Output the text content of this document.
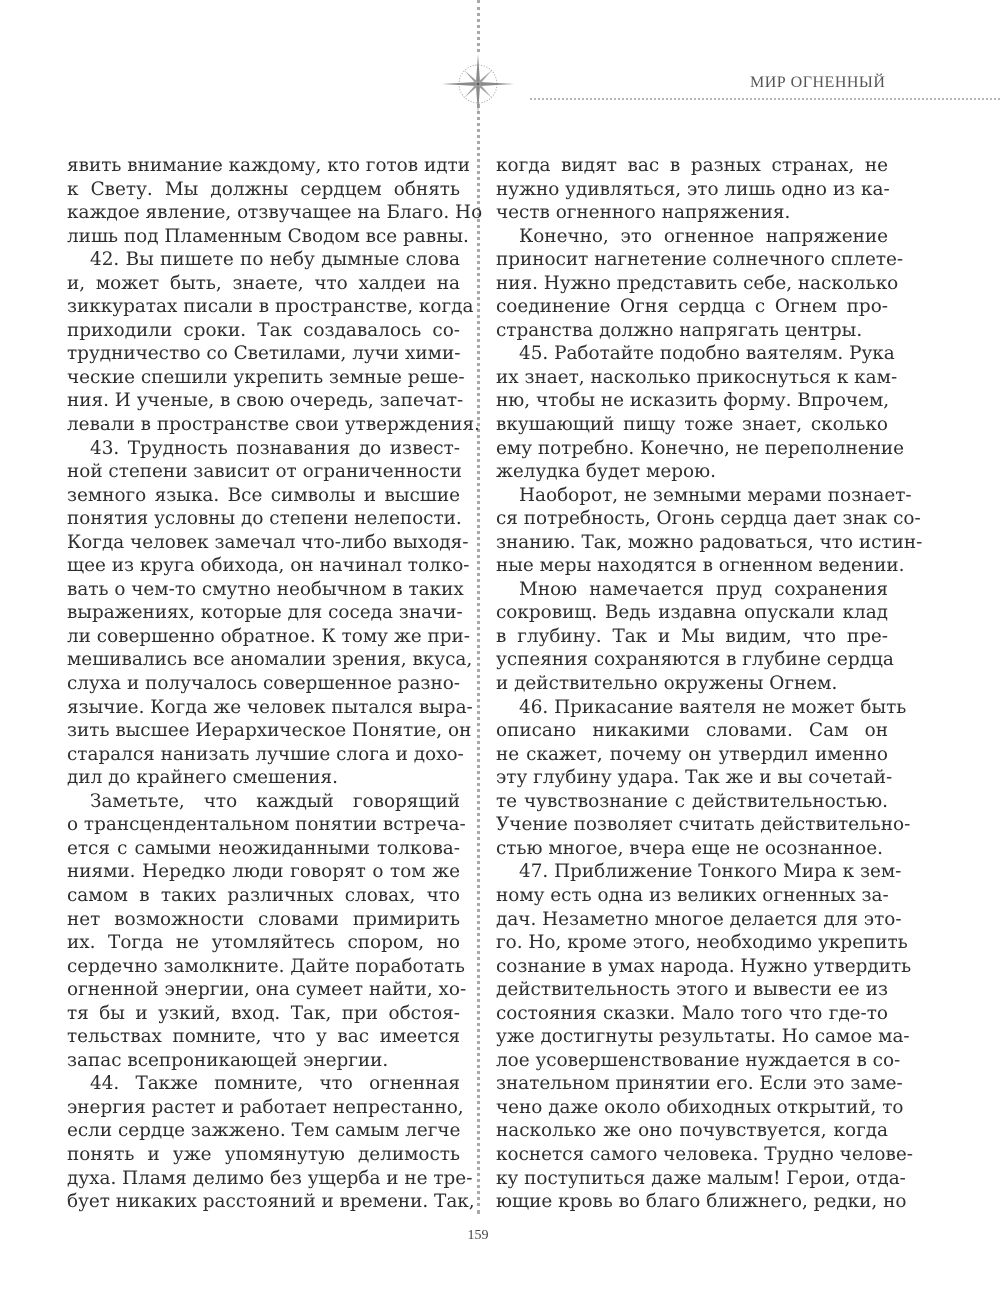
МИР ОГНЕННЫЙ
явить внимание каждому, кто готов идти
к Свету. Мы должны сердцем обнять
каждое явление, отзвучащее на Благо. Но
лишь под Пламенным Сводом все равны.
42. Вы пишете по небу дымные слова
и, может быть, знаете, что халдеи на
зиккуратах писали в пространстве, когда
приходили сроки. Так создавалось со-
трудничество со Светилами, лучи хими-
ческие спешили укрепить земные реше-
ния. И ученые, в свою очередь, запечат-
левали в пространстве свои утверждения.
43. Трудность познавания до извест-
ной степени зависит от ограниченности
земного языка. Все символы и высшие
понятия условны до степени нелепости.
Когда человек замечал что-либо выходя-
щее из круга обихода, он начинал толко-
вать о чем-то смутно необычном в таких
выражениях, которые для соседа значи-
ли совершенно обратное. К тому же при-
мешивались все аномалии зрения, вкуса,
слуха и получалось совершенное разно-
язычие. Когда же человек пытался выра-
зить высшее Иерархическое Понятие, он
старался нанизать лучшие слога и дохо-
дил до крайнего смешения.
Заметьте, что каждый говорящий
о трансцендентальном понятии встреча-
ется с самыми неожиданными толкова-
ниями. Нередко люди говорят о том же
самом в таких различных словах, что
нет возможности словами примирить
их. Тогда не утомляйтесь спором, но
сердечно замолкните. Дайте поработать
огненной энергии, она сумеет найти, хо-
тя бы и узкий, вход. Так, при обстоя-
тельствах помните, что у вас имеется
запас всепроникающей энергии.
44. Также помните, что огненная
энергия растет и работает непрестанно,
если сердце зажжено. Тем самым легче
понять и уже упомянутую делимость
духа. Пламя делимо без ущерба и не тре-
бует никаких расстояний и времени. Так,
когда видят вас в разных странах, не
нужно удивляться, это лишь одно из ка-
честв огненного напряжения.
Конечно, это огненное напряжение
приносит нагнетение солнечного сплете-
ния. Нужно представить себе, насколько
соединение Огня сердца с Огнем про-
странства должно напрягать центры.
45. Работайте подобно ваятелям. Рука
их знает, насколько прикоснуться к кам-
ню, чтобы не исказить форму. Впрочем,
вкушающий пищу тоже знает, сколько
ему потребно. Конечно, не переполнение
желудка будет мерою.
Наоборот, не земными мерами познает-
ся потребность, Огонь сердца дает знак со-
знанию. Так, можно радоваться, что истин-
ные меры находятся в огненном ведении.
Мною намечается пруд сохранения
сокровищ. Ведь издавна опускали клад
в глубину. Так и Мы видим, что пре-
успеяния сохраняются в глубине сердца
и действительно окружены Огнем.
46. Прикасание ваятеля не может быть
описано никакими словами. Сам он
не скажет, почему он утвердил именно
эту глубину удара. Так же и вы сочетай-
те чувствознание с действительностью.
Учение позволяет считать действительно-
стью многое, вчера еще не осознанное.
47. Приближение Тонкого Мира к зем-
ному есть одна из великих огненных за-
дач. Незаметно многое делается для это-
го. Но, кроме этого, необходимо укрепить
сознание в умах народа. Нужно утвердить
действительность этого и вывести ее из
состояния сказки. Мало того что где-то
уже достигнуты результаты. Но самое ма-
лое усовершенствование нуждается в со-
знательном принятии его. Если это заме-
чено даже около обиходных открытий, то
насколько же оно почувствуется, когда
коснется самого человека. Трудно челове-
ку поступиться даже малым! Герои, отда-
ющие кровь во благо ближнего, редки, но
159
